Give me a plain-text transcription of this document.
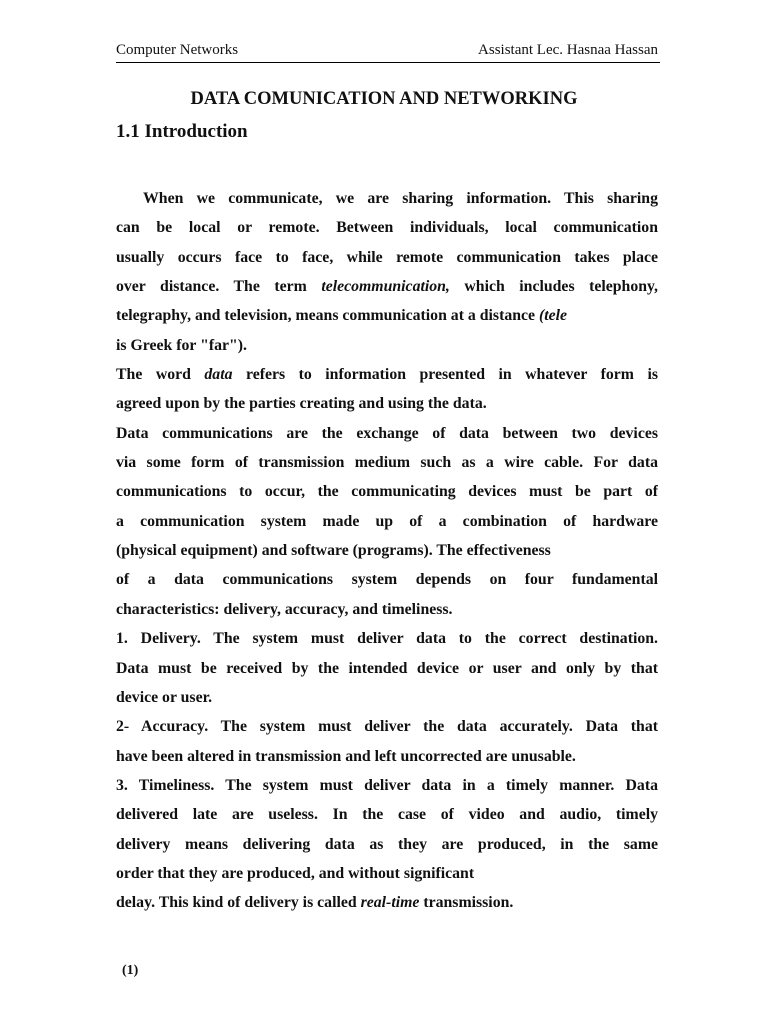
Computer Networks	Assistant Lec. Hasnaa Hassan
DATA COMUNICATION AND NETWORKING
1.1 Introduction
When we communicate, we are sharing information. This sharing
can be local or remote. Between individuals, local communication
usually occurs face to face, while remote communication takes place
over distance. The term telecommunication, which includes telephony,
telegraphy, and television, means communication at a distance (tele
is Greek for "far").
The word data refers to information presented in whatever form is
agreed upon by the parties creating and using the data.
Data communications are the exchange of data between two devices
via some form of transmission medium such as a wire cable. For data
communications to occur, the communicating devices must be part of
a communication system made up of a combination of hardware
(physical equipment) and software (programs). The effectiveness
of a data communications system depends on four fundamental
characteristics: delivery, accuracy, and timeliness.
1. Delivery. The system must deliver data to the correct destination.
Data must be received by the intended device or user and only by that
device or user.
2- Accuracy. The system must deliver the data accurately. Data that
have been altered in transmission and left uncorrected are unusable.
3. Timeliness. The system must deliver data in a timely manner. Data
delivered late are useless. In the case of video and audio, timely
delivery means delivering data as they are produced, in the same
order that they are produced, and without significant
delay. This kind of delivery is called real-time transmission.
(1)
